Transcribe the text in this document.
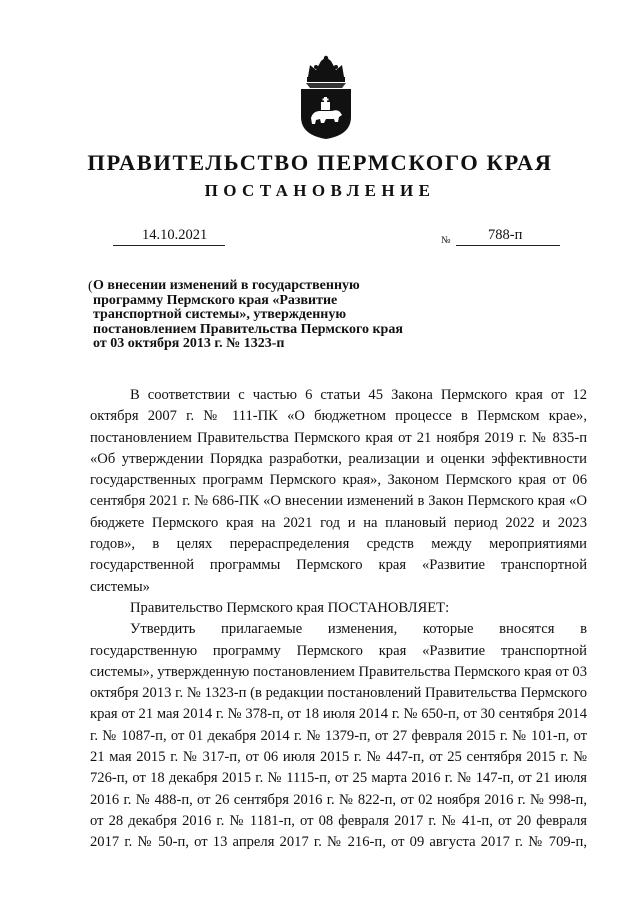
ПРАВИТЕЛЬСТВО ПЕРМСКОГО КРАЯ
ПОСТАНОВЛЕНИЕ
14.10.2021	№	788-п
( О внесении изменений в государственную
программу Пермского края «Развитие
транспортной системы», утвержденную
постановлением Правительства Пермского края
от 03 октября 2013 г. № 1323-п

В соответствии с частью 6 статьи 45 Закона Пермского края от 12 октября 2007 г. № 111-ПК «О бюджетном процессе в Пермском крае», постановлением Правительства Пермского края от 21 ноября 2019 г. № 835-п «Об утверждении Порядка разработки, реализации и оценки эффективности государственных программ Пермского края», Законом Пермского края от 06 сентября 2021 г. № 686-ПК «О внесении изменений в Закон Пермского края «О бюджете Пермского края на 2021 год и на плановый период 2022 и 2023 годов», в целях перераспределения средств между мероприятиями государственной программы Пермского края «Развитие транспортной системы»

Правительство Пермского края ПОСТАНОВЛЯЕТ:

Утвердить прилагаемые изменения, которые вносятся в государственную программу Пермского края «Развитие транспортной системы», утвержденную постановлением Правительства Пермского края от 03 октября 2013 г. № 1323-п (в редакции постановлений Правительства Пермского края от 21 мая 2014 г. № 378-п, от 18 июля 2014 г. № 650-п, от 30 сентября 2014 г. № 1087-п, от 01 декабря 2014 г. № 1379-п, от 27 февраля 2015 г. № 101-п, от 21 мая 2015 г. № 317-п, от 06 июля 2015 г. № 447-п, от 25 сентября 2015 г. № 726-п, от 18 декабря 2015 г. № 1115-п, от 25 марта 2016 г. № 147-п, от 21 июля 2016 г. № 488-п, от 26 сентября 2016 г. № 822-п, от 02 ноября 2016 г. № 998-п, от 28 декабря 2016 г. № 1181-п, от 08 февраля 2017 г. № 41-п, от 20 февраля 2017 г. № 50-п, от 13 апреля 2017 г. № 216-п, от 09 августа 2017 г. № 709-п,
